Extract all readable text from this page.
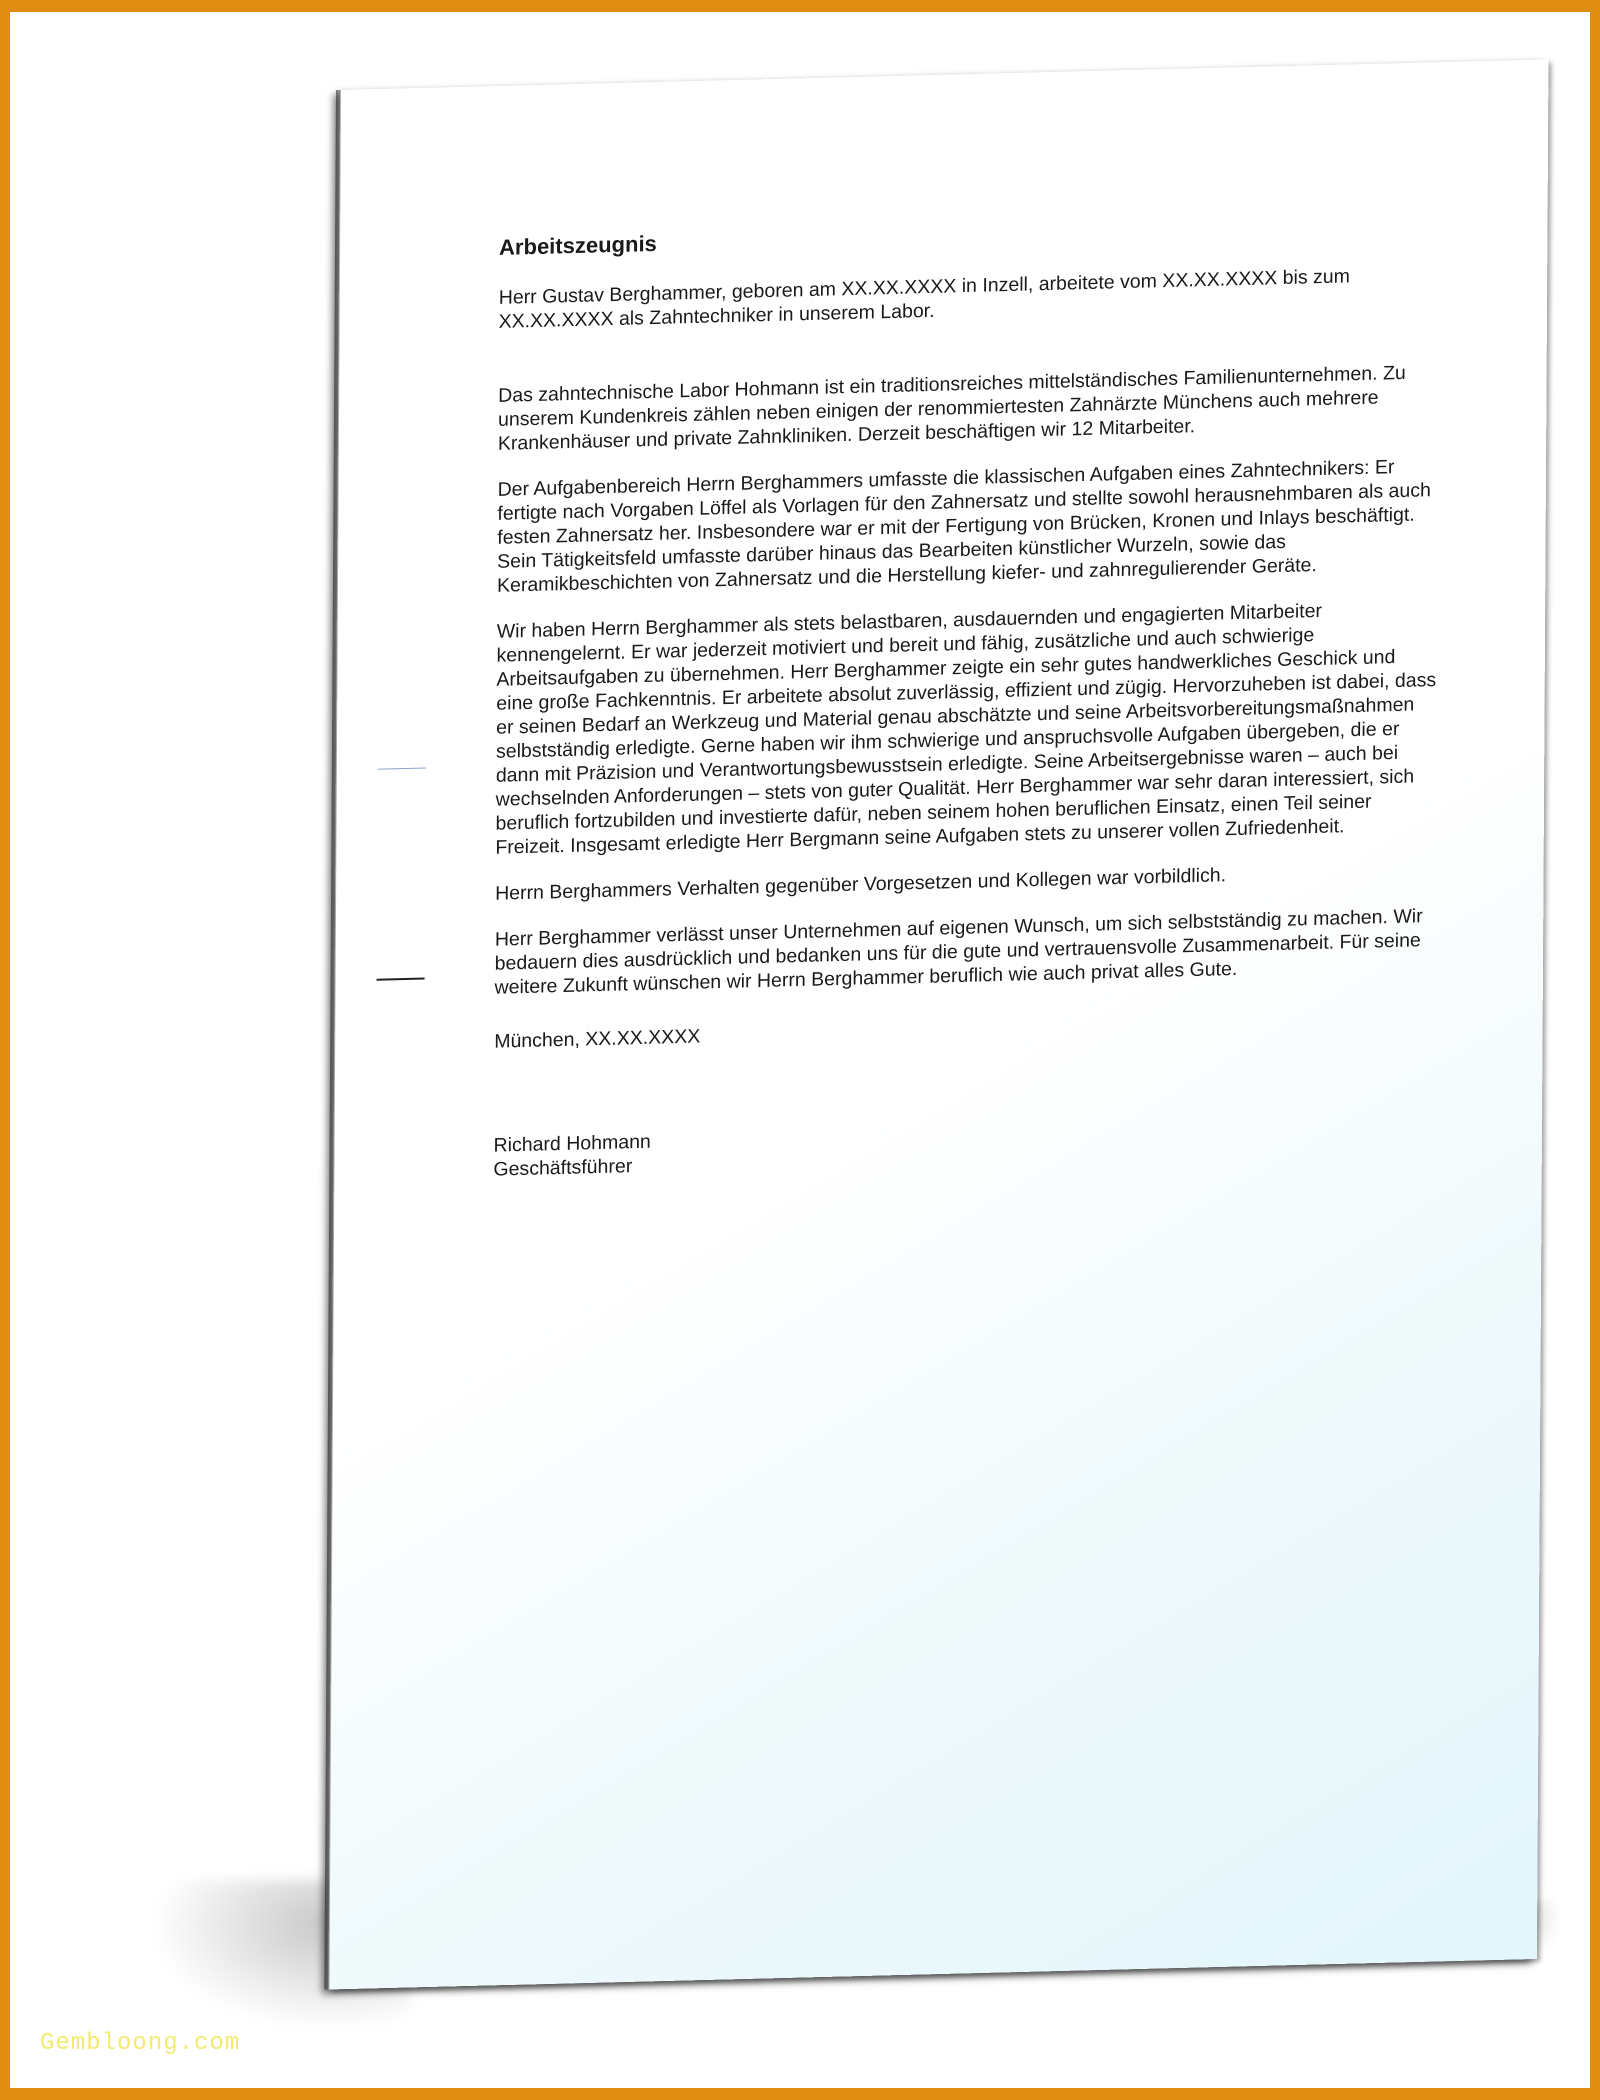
Arbeitszeugnis

Herr Gustav Berghammer, geboren am XX.XX.XXXX in Inzell, arbeitete vom XX.XX.XXXX bis zum XX.XX.XXXX als Zahntechniker in unserem Labor.

Das zahntechnische Labor Hohmann ist ein traditionsreiches mittelständisches Familienunternehmen. Zu unserem Kundenkreis zählen neben einigen der renommiertesten Zahnärzte Münchens auch mehrere Krankenhäuser und private Zahnkliniken. Derzeit beschäftigen wir 12 Mitarbeiter.

Der Aufgabenbereich Herrn Berghammers umfasste die klassischen Aufgaben eines Zahntechnikers: Er fertigte nach Vorgaben Löffel als Vorlagen für den Zahnersatz und stellte sowohl herausnehmbaren als auch festen Zahnersatz her. Insbesondere war er mit der Fertigung von Brücken, Kronen und Inlays beschäftigt. Sein Tätigkeitsfeld umfasste darüber hinaus das Bearbeiten künstlicher Wurzeln, sowie das Keramikbeschichten von Zahnersatz und die Herstellung kiefer- und zahnregulierender Geräte.

Wir haben Herrn Berghammer als stets belastbaren, ausdauernden und engagierten Mitarbeiter kennengelernt. Er war jederzeit motiviert und bereit und fähig, zusätzliche und auch schwierige Arbeitsaufgaben zu übernehmen. Herr Berghammer zeigte ein sehr gutes handwerkliches Geschick und eine große Fachkenntnis. Er arbeitete absolut zuverlässig, effizient und zügig. Hervorzuheben ist dabei, dass er seinen Bedarf an Werkzeug und Material genau abschätzte und seine Arbeitsvorbereitungsmaßnahmen selbstständig erledigte. Gerne haben wir ihm schwierige und anspruchsvolle Aufgaben übergeben, die er dann mit Präzision und Verantwortungsbewusstsein erledigte. Seine Arbeitsergebnisse waren – auch bei wechselnden Anforderungen – stets von guter Qualität. Herr Berghammer war sehr daran interessiert, sich beruflich fortzubilden und investierte dafür, neben seinem hohen beruflichen Einsatz, einen Teil seiner Freizeit. Insgesamt erledigte Herr Bergmann seine Aufgaben stets zu unserer vollen Zufriedenheit.

Herrn Berghammers Verhalten gegenüber Vorgesetzen und Kollegen war vorbildlich.

Herr Berghammer verlässt unser Unternehmen auf eigenen Wunsch, um sich selbstständig zu machen. Wir bedauern dies ausdrücklich und bedanken uns für die gute und vertrauensvolle Zusammenarbeit. Für seine weitere Zukunft wünschen wir Herrn Berghammer beruflich wie auch privat alles Gute.

München, XX.XX.XXXX

Richard Hohmann
Geschäftsführer
Gembloong.com
